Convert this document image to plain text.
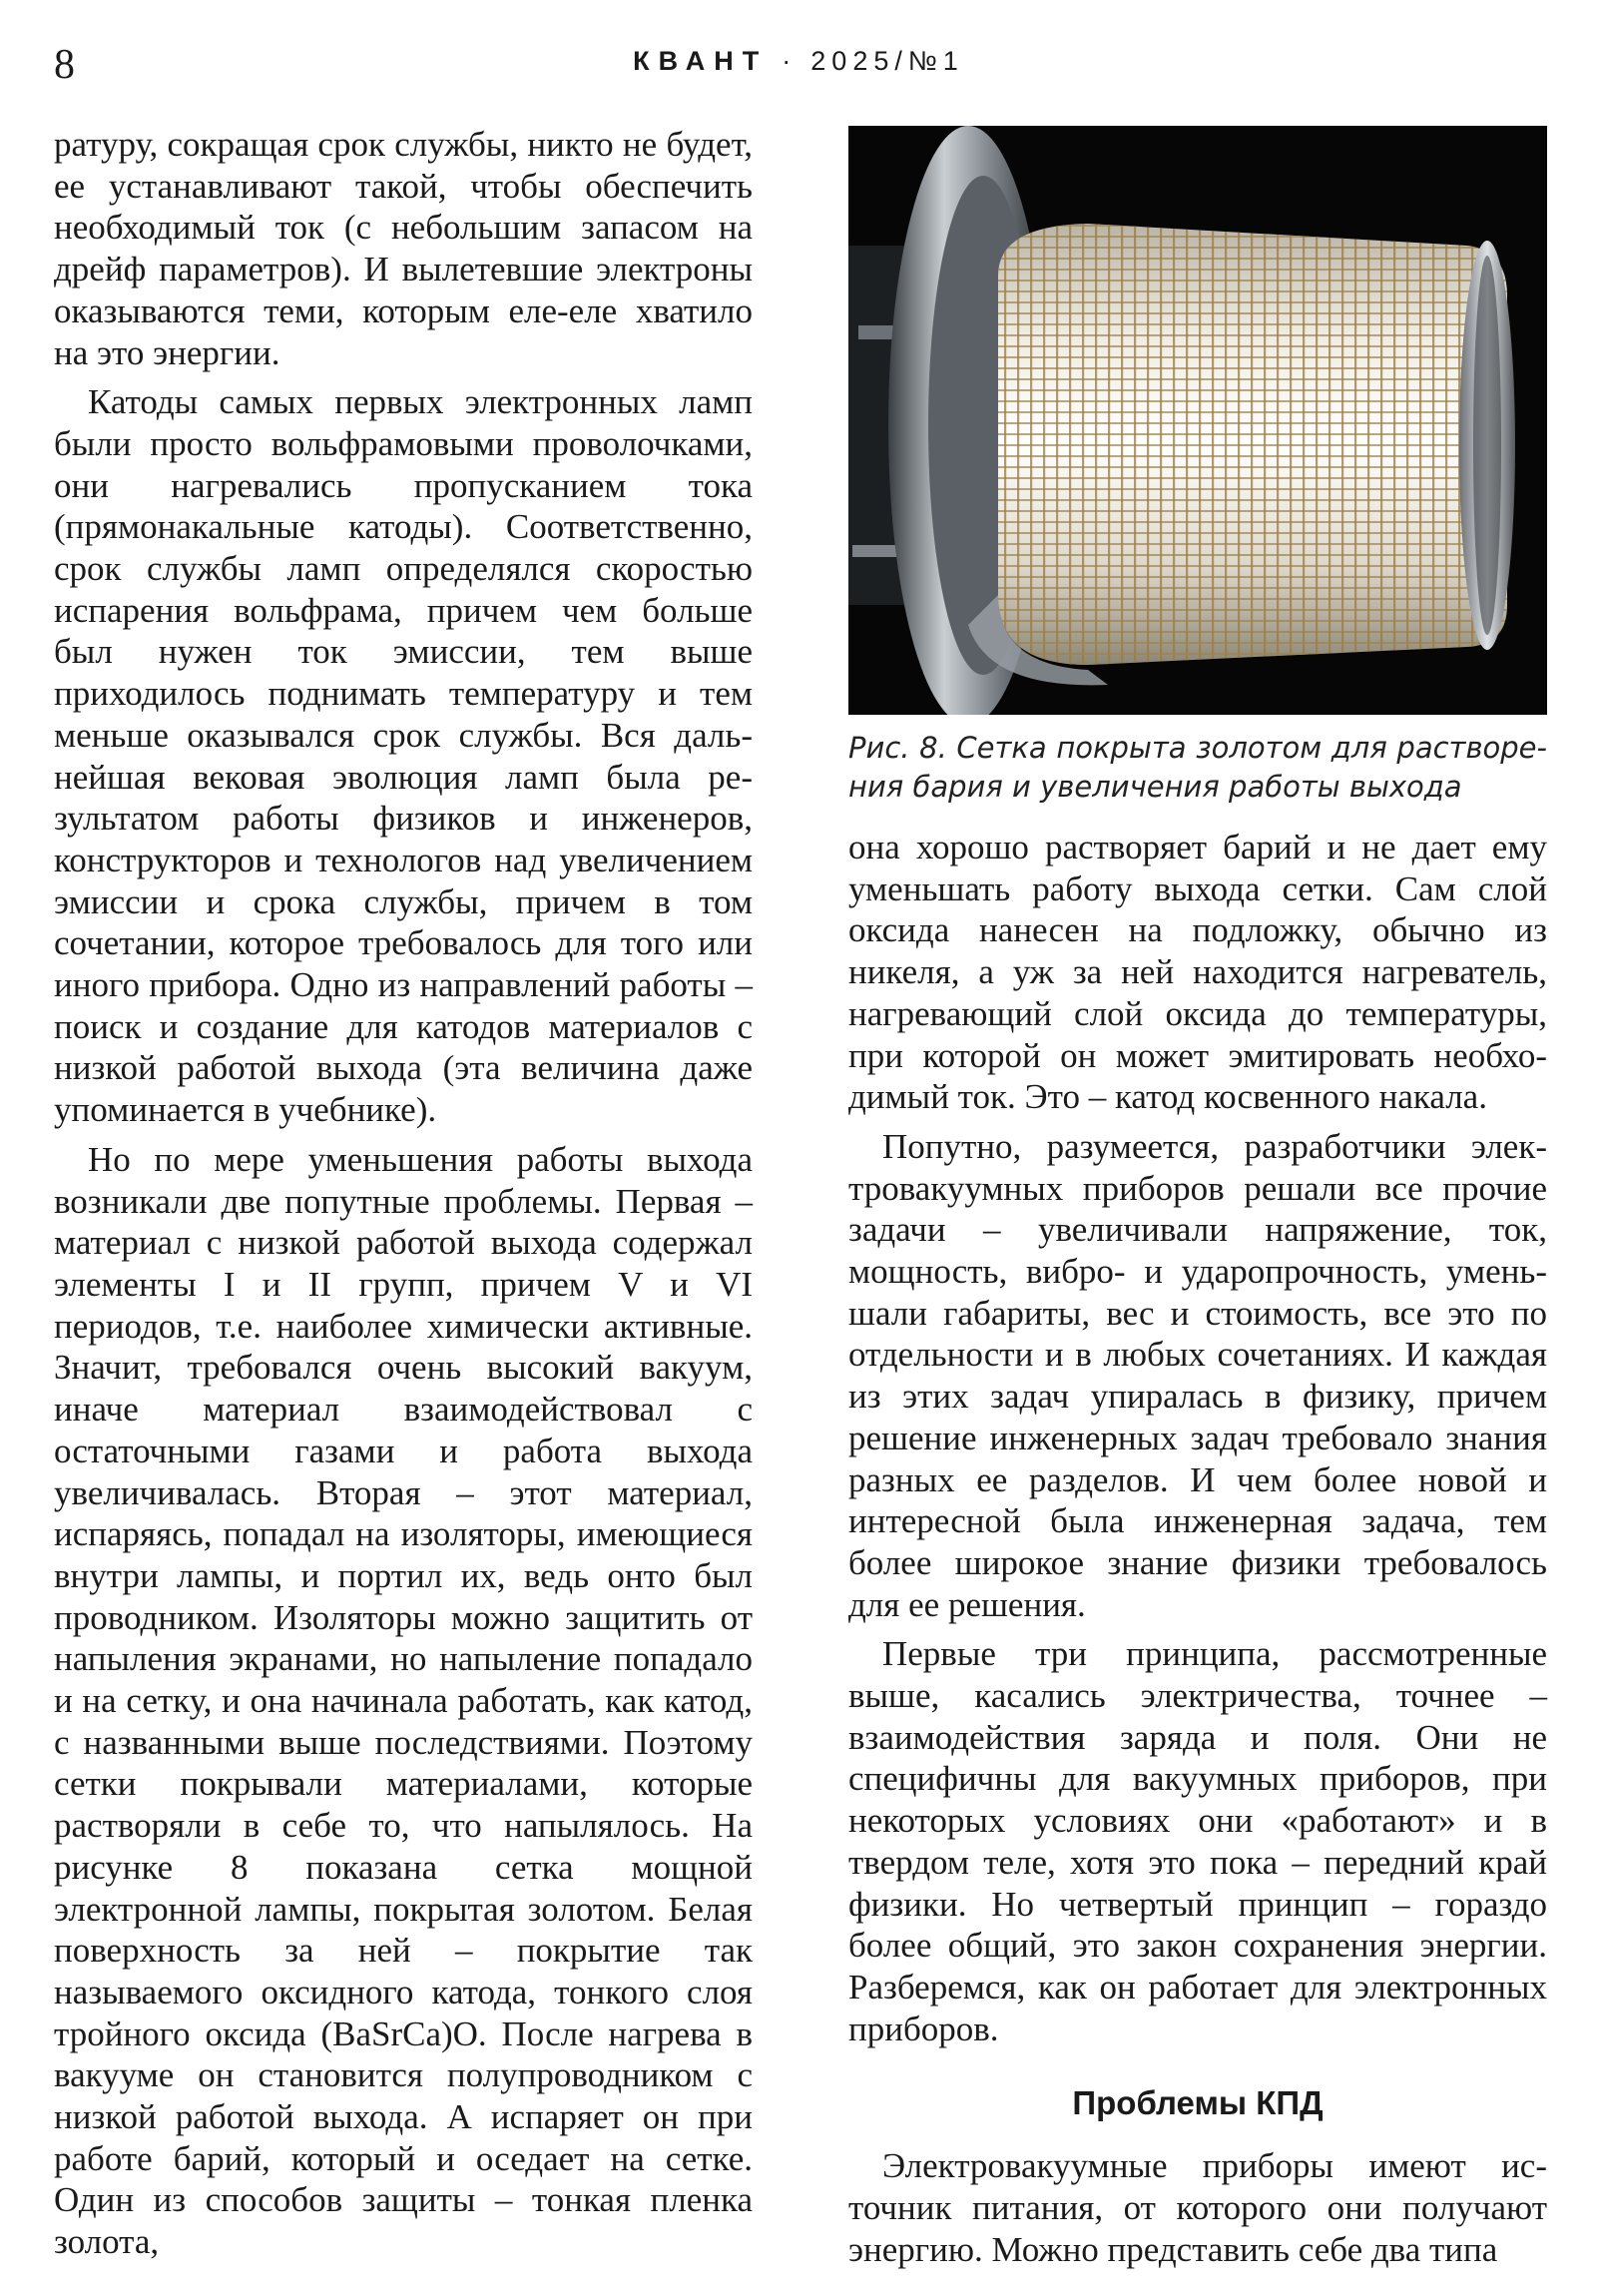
8	КВАНТ · 2025/№1

ратуру, сокращая срок службы, никто не будет, ее устанавливают такой, чтобы обеспечить необходимый ток (с небольшим запасом на дрейф параметров). И вылетевшие электроны оказываются теми, которым еле-еле хватило на это энергии.

Катоды самых первых электронных ламп были просто вольфрамовыми проволочками, они нагревались пропусканием тока (прямонакальные катоды). Соответственно, срок службы ламп определялся скоростью испарения вольфрама, причем чем больше был нужен ток эмиссии, тем выше приходилось поднимать температуру и тем меньше оказывался срок службы. Вся дальнейшая вековая эволюция ламп была результатом работы физиков и инженеров, конструкторов и технологов над увеличением эмиссии и срока службы, причем в том сочетании, которое требовалось для того или иного прибора. Одно из направлений работы – поиск и создание для катодов материалов с низкой работой выхода (эта величина даже упоминается в учебнике).

Но по мере уменьшения работы выхода возникали две попутные проблемы. Первая – материал с низкой работой выхода содержал элементы I и II групп, причем V и VI периодов, т.е. наиболее химически активные. Значит, требовался очень высокий вакуум, иначе материал взаимодействовал с остаточными газами и работа выхода увеличивалась. Вторая – этот материал, испаряясь, попадал на изоляторы, имеющиеся внутри лампы, и портил их, ведь онто был проводником. Изоляторы можно защитить от напыления экранами, но напыление попадало и на сетку, и она начинала работать, как катод, с названными выше последствиями. Поэтому сетки покрывали материалами, которые растворяли в себе то, что напылялось. На рисунке 8 показана сетка мощной электронной лампы, покрытая золотом. Белая поверхность за ней – покрытие так называемого оксидного катода, тонкого слоя тройного оксида (BaSrCa)O. После нагрева в вакууме он становится полупроводником с низкой работой выхода. А испаряет он при работе барий, который и оседает на сетке. Один из способов защиты – тонкая пленка золота,

Рис. 8. Сетка покрыта золотом для растворения бария и увеличения работы выхода

она хорошо растворяет барий и не дает ему уменьшать работу выхода сетки. Сам слой оксида нанесен на подложку, обычно из никеля, а уж за ней находится нагреватель, нагревающий слой оксида до температуры, при которой он может эмитировать необходимый ток. Это – катод косвенного накала.

Попутно, разумеется, разработчики электровакуумных приборов решали все прочие задачи – увеличивали напряжение, ток, мощность, вибро- и ударопрочность, уменьшали габариты, вес и стоимость, все это по отдельности и в любых сочетаниях. И каждая из этих задач упиралась в физику, причем решение инженерных задач требовало знания разных ее разделов. И чем более новой и интересной была инженерная задача, тем более широкое знание физики требовалось для ее решения.

Первые три принципа, рассмотренные выше, касались электричества, точнее – взаимодействия заряда и поля. Они не специфичны для вакуумных приборов, при некоторых условиях они «работают» и в твердом теле, хотя это пока – передний край физики. Но четвертый принцип – гораздо более общий, это закон сохранения энергии. Разберемся, как он работает для электронных приборов.

Проблемы КПД

Электровакуумные приборы имеют источник питания, от которого они получают энергию. Можно представить себе два типа
